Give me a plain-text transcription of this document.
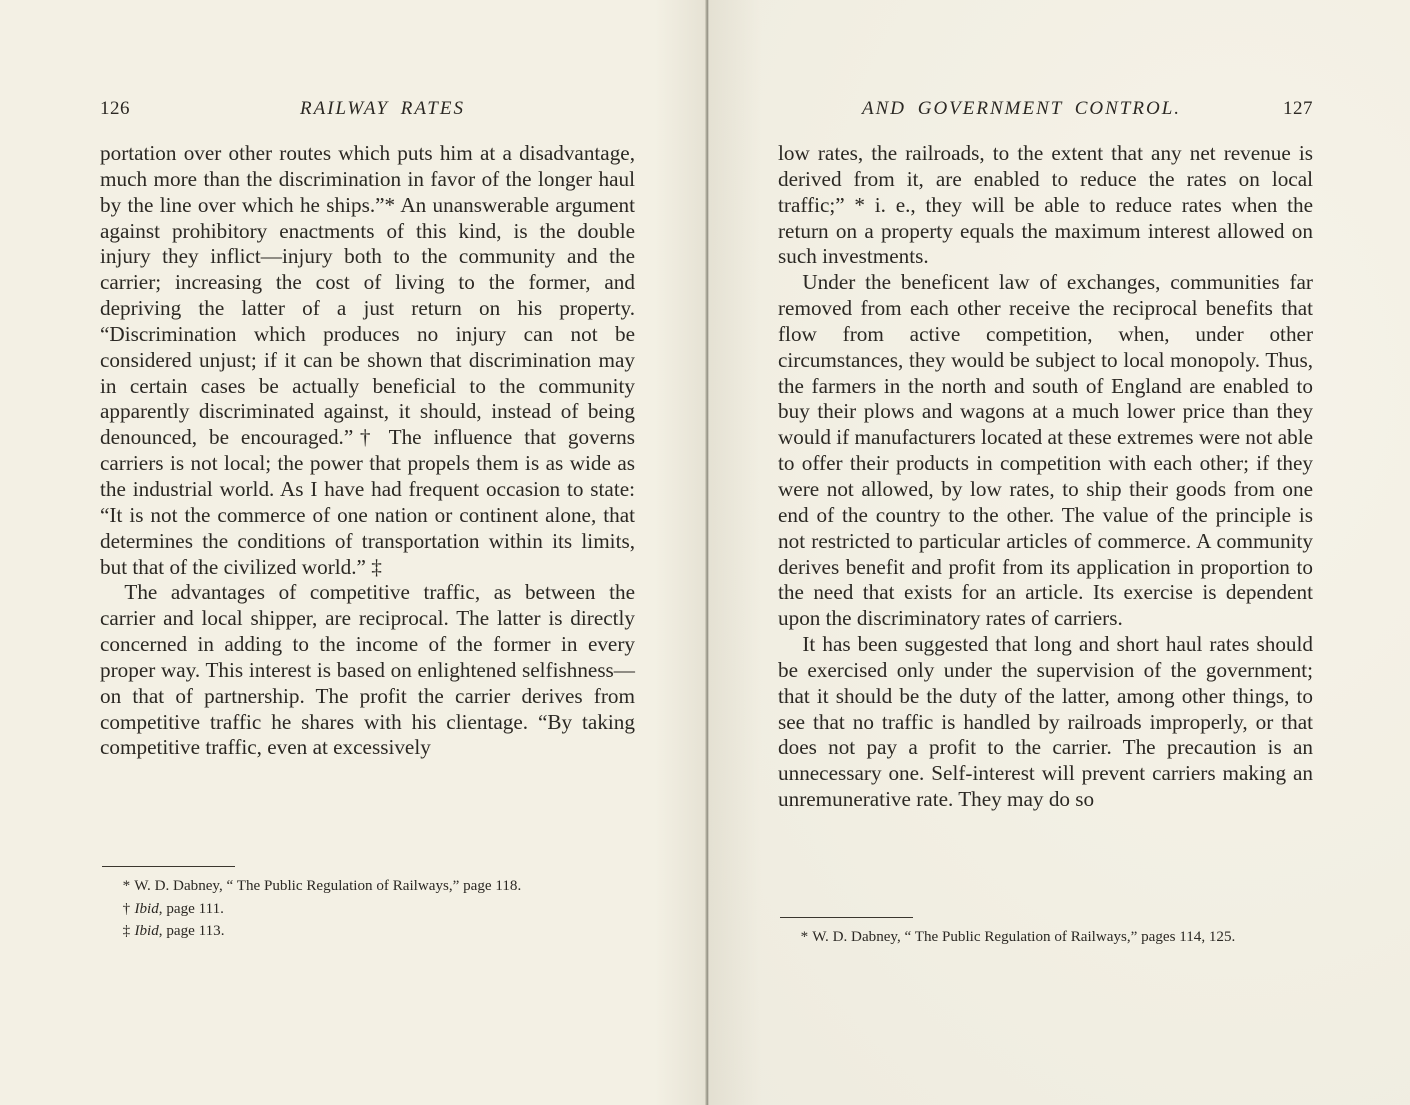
126	RAILWAY RATES

portation over other routes which puts him at a disadvantage, much more than the discrimination in favor of the longer haul by the line over which he ships.”* An unanswerable argument against prohibitory enactments of this kind, is the double injury they inflict—injury both to the community and the carrier; increasing the cost of living to the former, and depriving the latter of a just return on his property. “Discrimination which produces no injury can not be considered unjust; if it can be shown that discrimination may in certain cases be actually beneficial to the community apparently discriminated against, it should, instead of being denounced, be encouraged.”† The influence that governs carriers is not local; the power that propels them is as wide as the industrial world. As I have had frequent occasion to state: “It is not the commerce of one nation or continent alone, that determines the conditions of transportation within its limits, but that of the civilized world.” ‡

The advantages of competitive traffic, as between the carrier and local shipper, are reciprocal. The latter is directly concerned in adding to the income of the former in every proper way. This interest is based on enlightened selfishness—on that of partnership. The profit the carrier derives from competitive traffic he shares with his clientage. “By taking competitive traffic, even at excessively

* W. D. Dabney, “ The Public Regulation of Railways,” page 118.

† Ibid, page 111.

‡ Ibid, page 113.

AND GOVERNMENT CONTROL.	127

low rates, the railroads, to the extent that any net revenue is derived from it, are enabled to reduce the rates on local traffic;” * i. e., they will be able to reduce rates when the return on a property equals the maximum interest allowed on such investments.

Under the beneficent law of exchanges, communities far removed from each other receive the reciprocal benefits that flow from active competition, when, under other circumstances, they would be subject to local monopoly. Thus, the farmers in the north and south of England are enabled to buy their plows and wagons at a much lower price than they would if manufacturers located at these extremes were not able to offer their products in competition with each other; if they were not allowed, by low rates, to ship their goods from one end of the country to the other. The value of the principle is not restricted to particular articles of commerce. A community derives benefit and profit from its application in proportion to the need that exists for an article. Its exercise is dependent upon the discriminatory rates of carriers.

It has been suggested that long and short haul rates should be exercised only under the supervision of the government; that it should be the duty of the latter, among other things, to see that no traffic is handled by railroads improperly, or that does not pay a profit to the carrier. The precaution is an unnecessary one. Self-interest will prevent carriers making an unremunerative rate. They may do so

* W. D. Dabney, “ The Public Regulation of Railways,” pages 114, 125.
